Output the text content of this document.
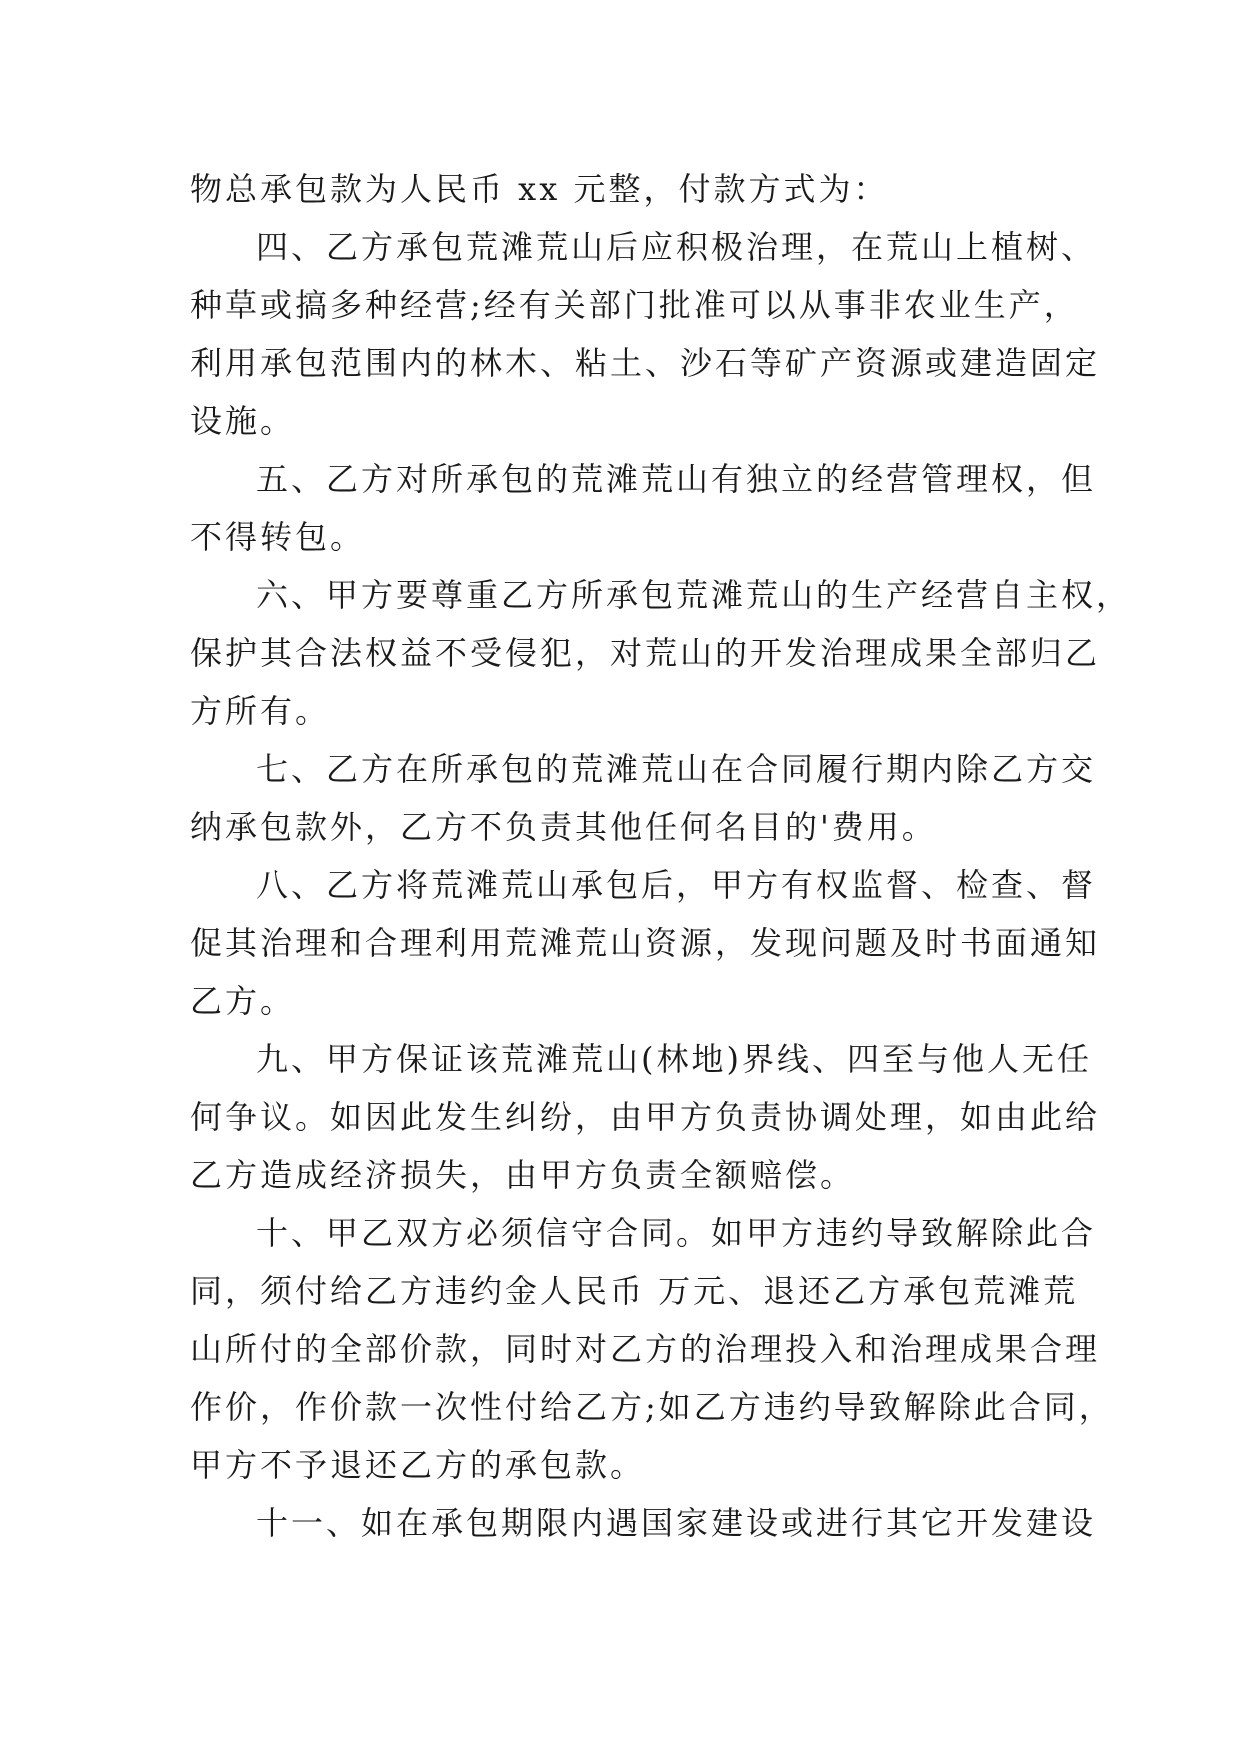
物总承包款为人民币 xx 元整，付款方式为：
四、乙方承包荒滩荒山后应积极治理，在荒山上植树、
种草或搞多种经营;经有关部门批准可以从事非农业生产，
利用承包范围内的林木、粘土、沙石等矿产资源或建造固定
设施。
五、乙方对所承包的荒滩荒山有独立的经营管理权，但
不得转包。
六、甲方要尊重乙方所承包荒滩荒山的生产经营自主权，
保护其合法权益不受侵犯，对荒山的开发治理成果全部归乙
方所有。
七、乙方在所承包的荒滩荒山在合同履行期内除乙方交
纳承包款外，乙方不负责其他任何名目的'费用。
八、乙方将荒滩荒山承包后，甲方有权监督、检查、督
促其治理和合理利用荒滩荒山资源，发现问题及时书面通知
乙方。
九、甲方保证该荒滩荒山(林地)界线、四至与他人无任
何争议。如因此发生纠纷，由甲方负责协调处理，如由此给
乙方造成经济损失，由甲方负责全额赔偿。
十、甲乙双方必须信守合同。如甲方违约导致解除此合
同，须付给乙方违约金人民币 万元、退还乙方承包荒滩荒
山所付的全部价款，同时对乙方的治理投入和治理成果合理
作价，作价款一次性付给乙方;如乙方违约导致解除此合同，
甲方不予退还乙方的承包款。
十一、如在承包期限内遇国家建设或进行其它开发建设
